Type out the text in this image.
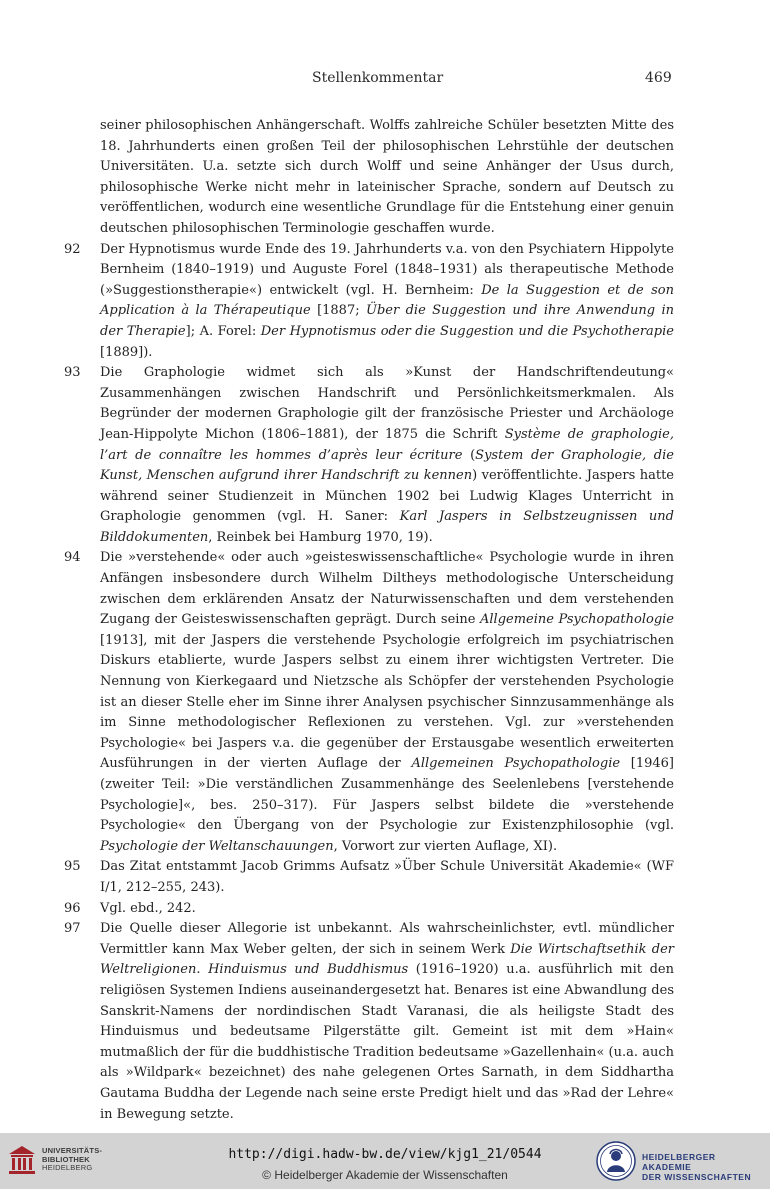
Stellenkommentar	469

seiner philosophischen Anhängerschaft. Wolffs zahlreiche Schüler besetzten Mitte des 18. Jahrhunderts einen großen Teil der philosophischen Lehrstühle der deutschen Universitäten. U.a. setzte sich durch Wolff und seine Anhänger der Usus durch, philosophische Werke nicht mehr in lateinischer Sprache, sondern auf Deutsch zu veröffentlichen, wodurch eine wesentliche Grundlage für die Entstehung einer genuin deutschen philosophischen Terminologie geschaffen wurde.

92	Der Hypnotismus wurde Ende des 19. Jahrhunderts v.a. von den Psychiatern Hippolyte Bernheim (1840–1919) und Auguste Forel (1848–1931) als therapeutische Methode (»Suggestionstherapie«) entwickelt (vgl. H. Bernheim: De la Suggestion et de son Application à la Thérapeutique [1887; Über die Suggestion und ihre Anwendung in der Therapie]; A. Forel: Der Hypnotismus oder die Suggestion und die Psychotherapie [1889]).

93	Die Graphologie widmet sich als »Kunst der Handschriftendeutung« Zusammenhängen zwischen Handschrift und Persönlichkeitsmerkmalen. Als Begründer der modernen Graphologie gilt der französische Priester und Archäologe Jean-Hippolyte Michon (1806–1881), der 1875 die Schrift Système de graphologie, l’art de connaître les hommes d’après leur écriture (System der Graphologie, die Kunst, Menschen aufgrund ihrer Handschrift zu kennen) veröffentlichte. Jaspers hatte während seiner Studienzeit in München 1902 bei Ludwig Klages Unterricht in Graphologie genommen (vgl. H. Saner: Karl Jaspers in Selbstzeugnissen und Bilddokumenten, Reinbek bei Hamburg 1970, 19).

94	Die »verstehende« oder auch »geisteswissenschaftliche« Psychologie wurde in ihren Anfängen insbesondere durch Wilhelm Diltheys methodologische Unterscheidung zwischen dem erklärenden Ansatz der Naturwissenschaften und dem verstehenden Zugang der Geisteswissenschaften geprägt. Durch seine Allgemeine Psychopathologie [1913], mit der Jaspers die verstehende Psychologie erfolgreich im psychiatrischen Diskurs etablierte, wurde Jaspers selbst zu einem ihrer wichtigsten Vertreter. Die Nennung von Kierkegaard und Nietzsche als Schöpfer der verstehenden Psychologie ist an dieser Stelle eher im Sinne ihrer Analysen psychischer Sinnzusammenhänge als im Sinne methodologischer Reflexionen zu verstehen. Vgl. zur »verstehenden Psychologie« bei Jaspers v.a. die gegenüber der Erstausgabe wesentlich erweiterten Ausführungen in der vierten Auflage der Allgemeinen Psychopathologie [1946] (zweiter Teil: »Die verständlichen Zusammenhänge des Seelenlebens [verstehende Psychologie]«, bes. 250–317). Für Jaspers selbst bildete die »verstehende Psychologie« den Übergang von der Psychologie zur Existenzphilosophie (vgl. Psychologie der Weltanschauungen, Vorwort zur vierten Auflage, XI).

95	Das Zitat entstammt Jacob Grimms Aufsatz »Über Schule Universität Akademie« (WF I/1, 212–255, 243).

96	Vgl. ebd., 242.

97	Die Quelle dieser Allegorie ist unbekannt. Als wahrscheinlichster, evtl. mündlicher Vermittler kann Max Weber gelten, der sich in seinem Werk Die Wirtschaftsethik der Weltreligionen. Hinduismus und Buddhismus (1916–1920) u.a. ausführlich mit den religiösen Systemen Indiens auseinandergesetzt hat. Benares ist eine Abwandlung des Sanskrit-Namens der nordindischen Stadt Varanasi, die als heiligste Stadt des Hinduismus und bedeutsame Pilgerstätte gilt. Gemeint ist mit dem »Hain« mutmaßlich der für die buddhistische Tradition bedeutsame »Gazellenhain« (u.a. auch als »Wildpark« bezeichnet) des nahe gelegenen Ortes Sarnath, in dem Siddhartha Gautama Buddha der Legende nach seine erste Predigt hielt und das »Rad der Lehre« in Bewegung setzte.

UNIVERSITÄTS-
BIBLIOTHEK
HEIDELBERG
http://digi.hadw-bw.de/view/kjg1_21/0544
© Heidelberger Akademie der Wissenschaften
HEIDELBERGER AKADEMIE
DER WISSENSCHAFTEN
